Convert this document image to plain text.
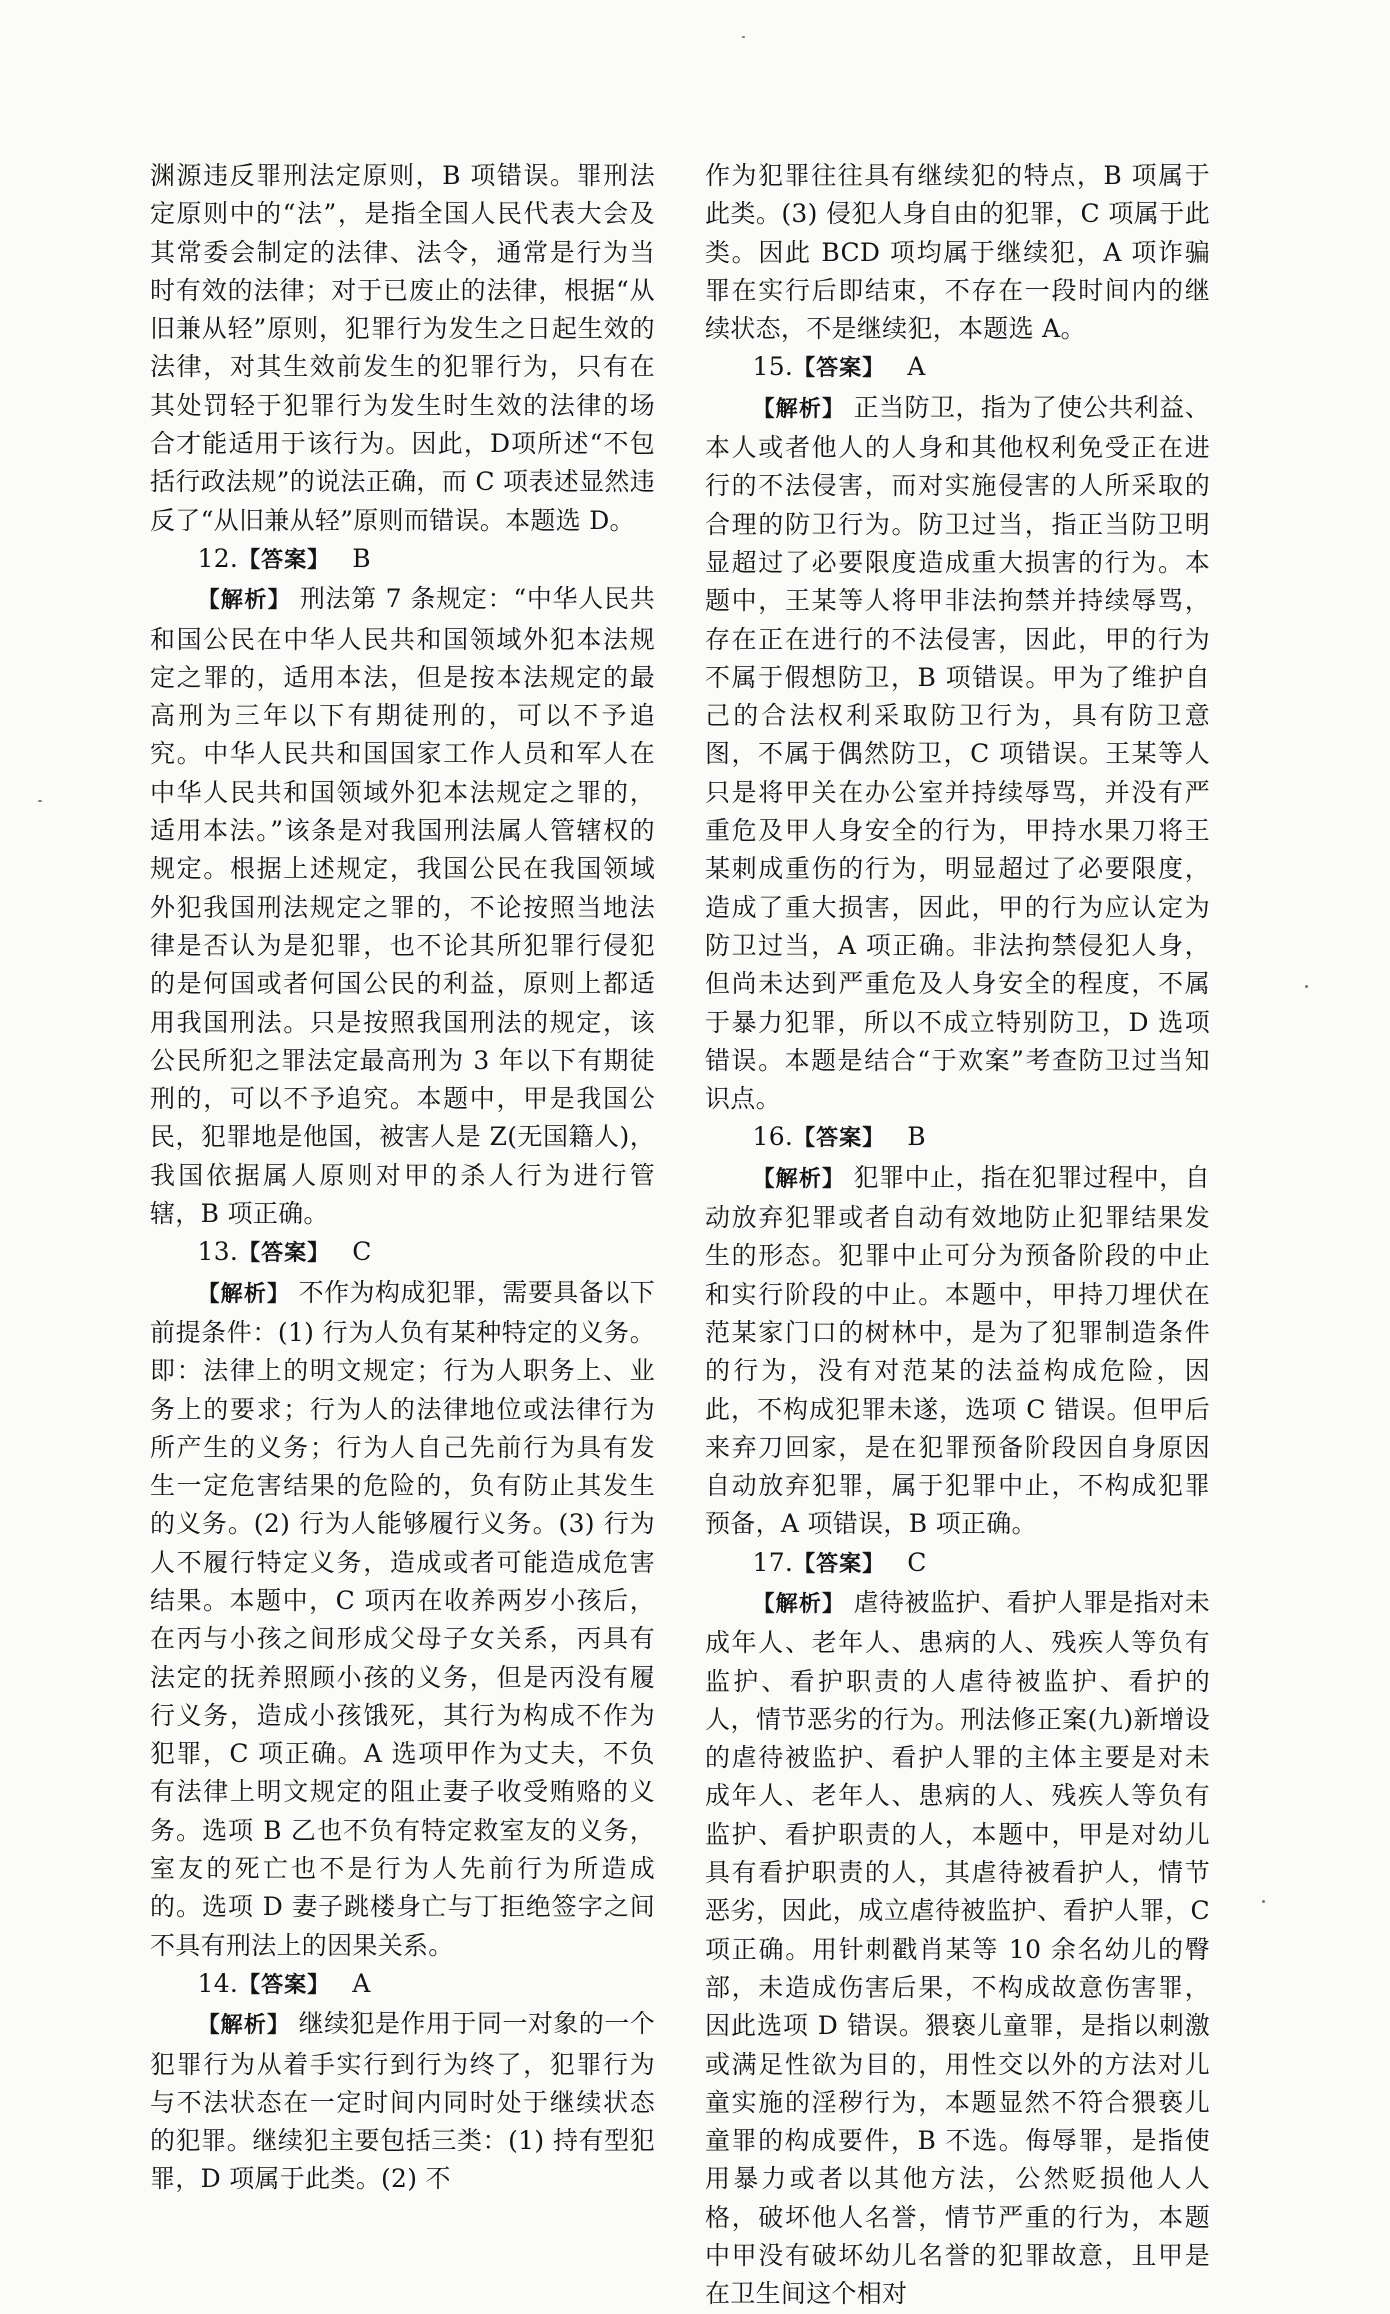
渊源违反罪刑法定原则，B 项错误。罪刑法定原则中的“法”，是指全国人民代表大会及其常委会制定的法律、法令，通常是行为当时有效的法律；对于已废止的法律，根据“从旧兼从轻”原则，犯罪行为发生之日起生效的法律，对其生效前发生的犯罪行为，只有在其处罚轻于犯罪行为发生时生效的法律的场合才能适用于该行为。因此，D项所述“不包括行政法规”的说法正确，而 C 项表述显然违反了“从旧兼从轻”原则而错误。本题选 D。

12.【答案】 B

【解析】 刑法第 7 条规定：“中华人民共和国公民在中华人民共和国领域外犯本法规定之罪的，适用本法，但是按本法规定的最高刑为三年以下有期徒刑的，可以不予追究。中华人民共和国国家工作人员和军人在中华人民共和国领域外犯本法规定之罪的，适用本法。”该条是对我国刑法属人管辖权的规定。根据上述规定，我国公民在我国领域外犯我国刑法规定之罪的，不论按照当地法律是否认为是犯罪，也不论其所犯罪行侵犯的是何国或者何国公民的利益，原则上都适用我国刑法。只是按照我国刑法的规定，该公民所犯之罪法定最高刑为 3 年以下有期徒刑的，可以不予追究。本题中，甲是我国公民，犯罪地是他国，被害人是 Z(无国籍人)，我国依据属人原则对甲的杀人行为进行管辖，B 项正确。

13.【答案】 C

【解析】 不作为构成犯罪，需要具备以下前提条件：(1) 行为人负有某种特定的义务。即：法律上的明文规定；行为人职务上、业务上的要求；行为人的法律地位或法律行为所产生的义务；行为人自己先前行为具有发生一定危害结果的危险的，负有防止其发生的义务。(2) 行为人能够履行义务。(3) 行为人不履行特定义务，造成或者可能造成危害结果。本题中，C 项丙在收养两岁小孩后，在丙与小孩之间形成父母子女关系，丙具有法定的抚养照顾小孩的义务，但是丙没有履行义务，造成小孩饿死，其行为构成不作为犯罪，C 项正确。A 选项甲作为丈夫，不负有法律上明文规定的阻止妻子收受贿赂的义务。选项 B 乙也不负有特定救室友的义务，室友的死亡也不是行为人先前行为所造成的。选项 D 妻子跳楼身亡与丁拒绝签字之间不具有刑法上的因果关系。

14.【答案】 A

【解析】 继续犯是作用于同一对象的一个犯罪行为从着手实行到行为终了，犯罪行为与不法状态在一定时间内同时处于继续状态的犯罪。继续犯主要包括三类：(1) 持有型犯罪，D 项属于此类。(2) 不

作为犯罪往往具有继续犯的特点，B 项属于此类。(3) 侵犯人身自由的犯罪，C 项属于此类。因此 BCD 项均属于继续犯，A 项诈骗罪在实行后即结束，不存在一段时间内的继续状态，不是继续犯，本题选 A。

15.【答案】 A

【解析】 正当防卫，指为了使公共利益、本人或者他人的人身和其他权利免受正在进行的不法侵害，而对实施侵害的人所采取的合理的防卫行为。防卫过当，指正当防卫明显超过了必要限度造成重大损害的行为。本题中，王某等人将甲非法拘禁并持续辱骂，存在正在进行的不法侵害，因此，甲的行为不属于假想防卫，B 项错误。甲为了维护自己的合法权利采取防卫行为，具有防卫意图，不属于偶然防卫，C 项错误。王某等人只是将甲关在办公室并持续辱骂，并没有严重危及甲人身安全的行为，甲持水果刀将王某刺成重伤的行为，明显超过了必要限度，造成了重大损害，因此，甲的行为应认定为防卫过当，A 项正确。非法拘禁侵犯人身，但尚未达到严重危及人身安全的程度，不属于暴力犯罪，所以不成立特别防卫，D 选项错误。本题是结合“于欢案”考查防卫过当知识点。

16.【答案】 B

【解析】 犯罪中止，指在犯罪过程中，自动放弃犯罪或者自动有效地防止犯罪结果发生的形态。犯罪中止可分为预备阶段的中止和实行阶段的中止。本题中，甲持刀埋伏在范某家门口的树林中，是为了犯罪制造条件的行为，没有对范某的法益构成危险，因此，不构成犯罪未遂，选项 C 错误。但甲后来弃刀回家，是在犯罪预备阶段因自身原因自动放弃犯罪，属于犯罪中止，不构成犯罪预备，A 项错误，B 项正确。

17.【答案】 C

【解析】 虐待被监护、看护人罪是指对未成年人、老年人、患病的人、残疾人等负有监护、看护职责的人虐待被监护、看护的人，情节恶劣的行为。刑法修正案(九)新增设的虐待被监护、看护人罪的主体主要是对未成年人、老年人、患病的人、残疾人等负有监护、看护职责的人，本题中，甲是对幼儿具有看护职责的人，其虐待被看护人，情节恶劣，因此，成立虐待被监护、看护人罪，C 项正确。用针刺戳肖某等 10 余名幼儿的臀部，未造成伤害后果，不构成故意伤害罪，因此选项 D 错误。猥亵儿童罪，是指以刺激或满足性欲为目的，用性交以外的方法对儿童实施的淫秽行为，本题显然不符合猥亵儿童罪的构成要件，B 不选。侮辱罪，是指使用暴力或者以其他方法，公然贬损他人人格，破坏他人名誉，情节严重的行为，本题中甲没有破坏幼儿名誉的犯罪故意，且甲是在卫生间这个相对
